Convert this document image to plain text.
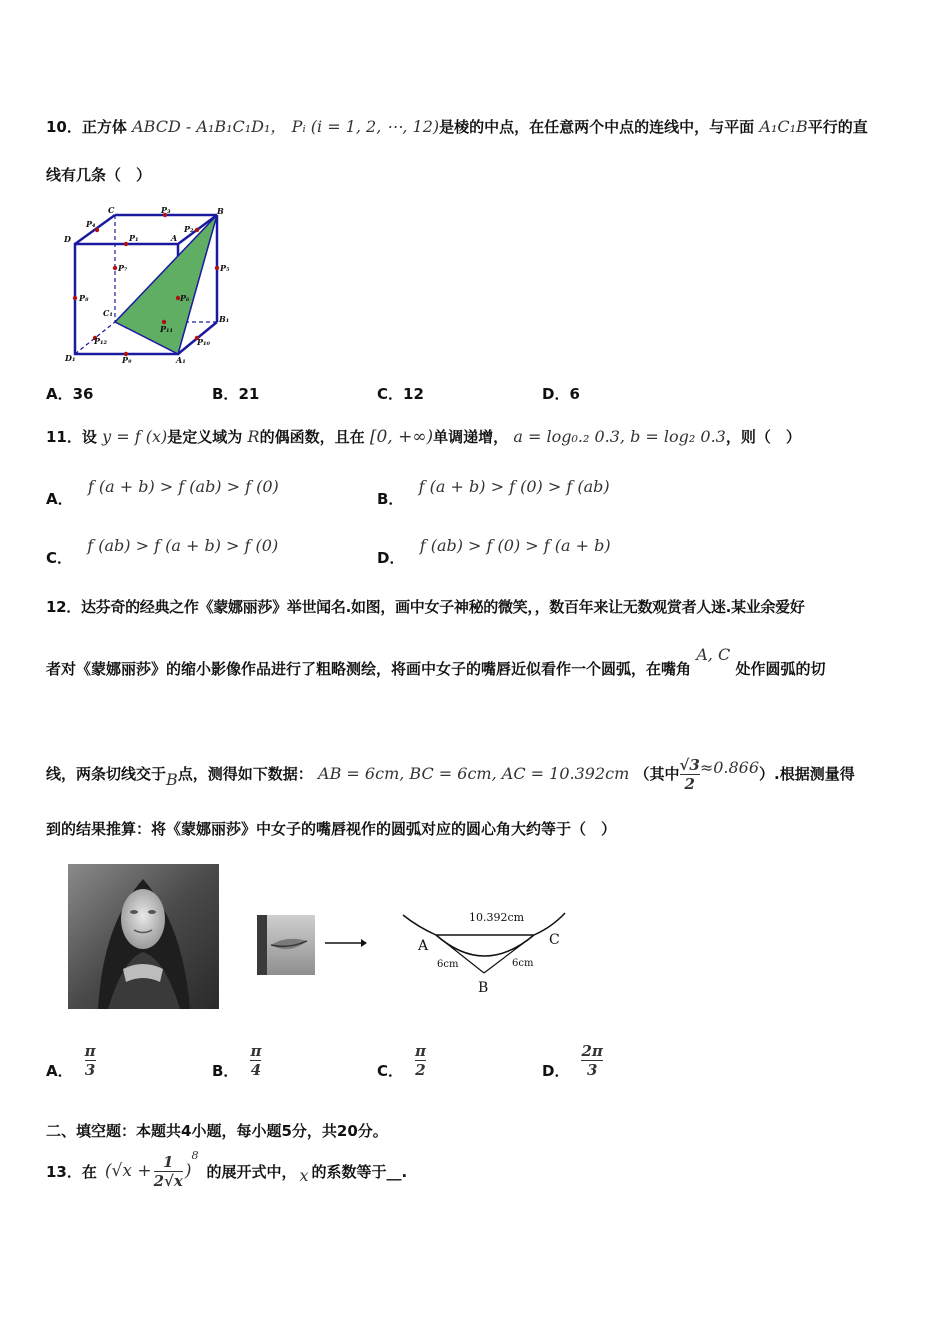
10．正方体 ABCD - A₁B₁C₁D₁， Pᵢ (i = 1, 2, ⋯, 12)是棱的中点，在任意两个中点的连线中，与平面 A₁C₁B平行的直
线有几条（　）
C	P₃	B
D
P₄
P₁	A
P₂
P₇
P₈	P₆
P₅
C₁
B₁
P₁₁
P₁₂	P₁₀
D₁	P₉	A₁
A．36	B．21	C．12	D．6
11．设 y = f (x)是定义域为 R的偶函数，且在 [0, +∞)单调递增， a = log₀.₂ 0.3, b = log₂ 0.3，则（　）
A． f (a + b) > f (ab) > f (0)
B． f (a + b) > f (0) > f (ab)
C． f (ab) > f (a + b) > f (0)
D． f (ab) > f (0) > f (a + b)
12．达芬奇的经典之作《蒙娜丽莎》举世闻名.如图，画中女子神秘的微笑，，数百年来让无数观赏者人迷.某业余爱好
者对《蒙娜丽莎》的缩小影像作品进行了粗略测绘，将画中女子的嘴唇近似看作一个圆弧，在嘴角 A, C 处作圆弧的切
线，两条切线交于B点，测得如下数据： AB = 6cm, BC = 6cm, AC = 10.392cm （其中 $\frac{√3}{2} \approx 0.866$）.根据测量得
到的结果推算：将《蒙娜丽莎》中女子的嘴唇视作的圆弧对应的圆心角大约等于（　）
10.392cm
A	C
B
6cm	6cm
A． $\frac{\pi}{3}$	B． $\frac{\pi}{4}$	C． $\frac{\pi}{2}$	D． $\frac{2\pi}{3}$
二、填空题：本题共4小题，每小题5分，共20分。
13．在 ($√x + \frac{1}{2√x}$ )
8
的展开式中， x 的系数等于__.
